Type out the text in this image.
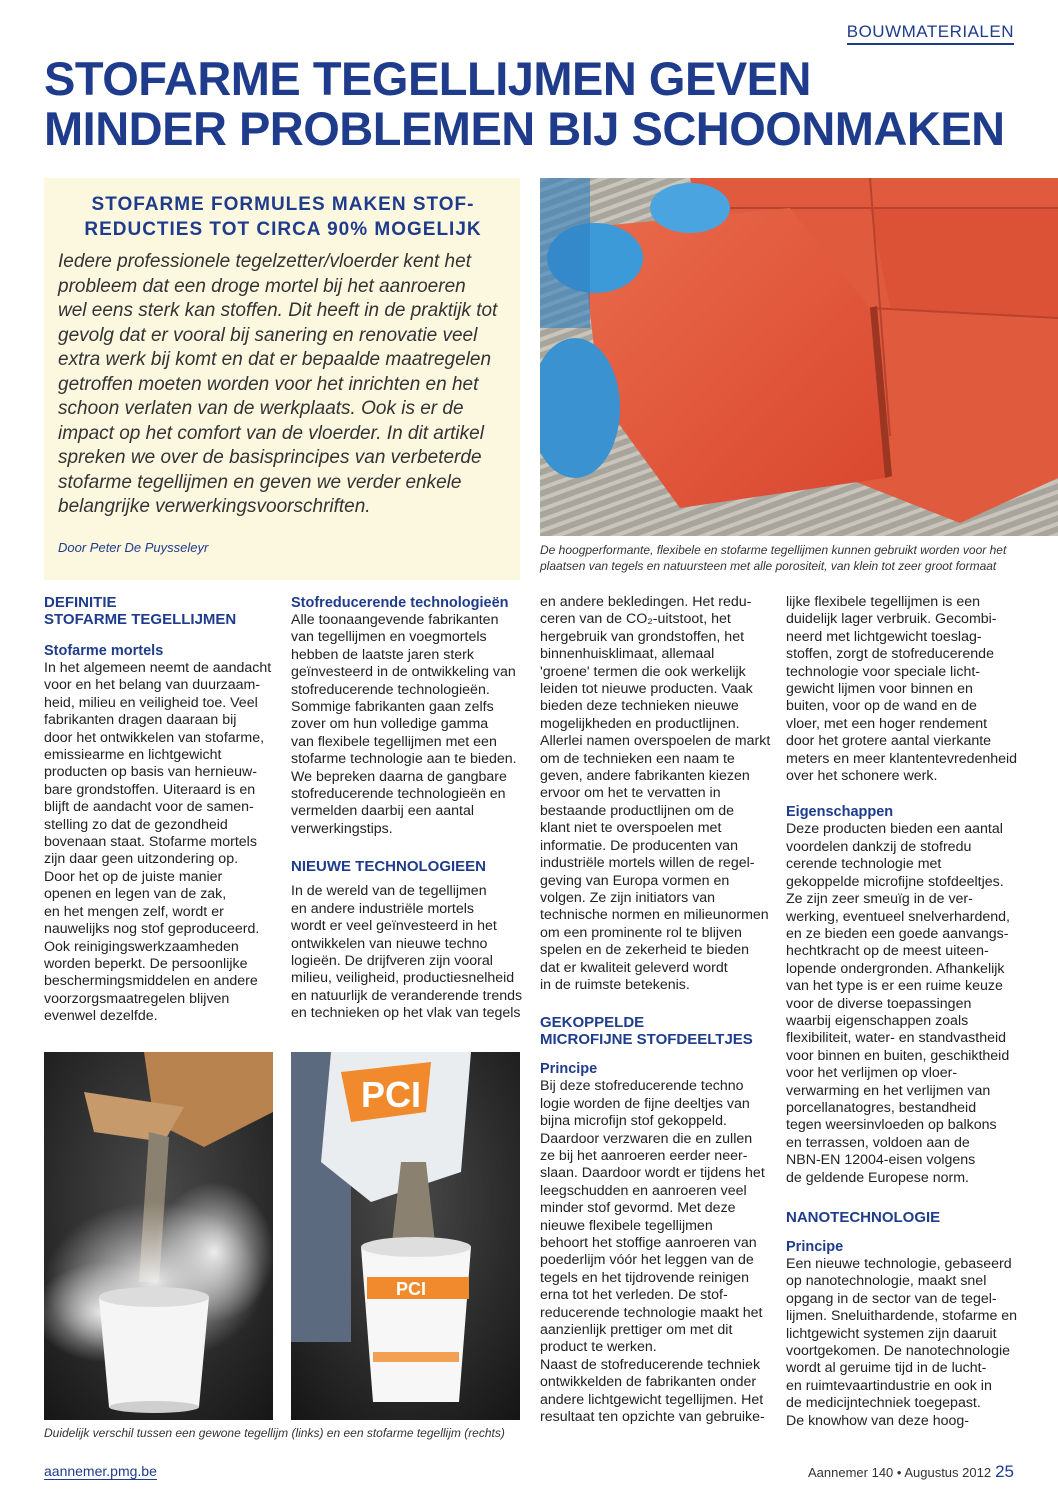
BOUWMATERIALEN
STOFARME TEGELLIJMEN GEVEN
MINDER PROBLEMEN BIJ SCHOONMAKEN
STOFARME FORMULES MAKEN STOF-
REDUCTIES TOT CIRCA 90% MOGELIJK
Iedere professionele tegelzetter/vloerder kent het
probleem dat een droge mortel bij het aanroeren
wel eens sterk kan stoffen. Dit heeft in de praktijk tot
gevolg dat er vooral bij sanering en renovatie veel
extra werk bij komt en dat er bepaalde maatregelen
getroffen moeten worden voor het inrichten en het
schoon verlaten van de werkplaats. Ook is er de
impact op het comfort van de vloerder. In dit artikel
spreken we over de basisprincipes van verbeterde
stofarme tegellijmen en geven we verder enkele
belangrijke verwerkingsvoorschriften.
Door Peter De Puysseleyr	De hoogperformante, flexibele en stofarme tegellijmen kunnen gebruikt worden voor het
plaatsen van tegels en natuursteen met alle porositeit, van klein tot zeer groot formaat
DEFINITIE
STOFARME TEGELLIJMEN
Stofarme mortels
In het algemeen neemt de aandacht
voor en het belang van duurzaam-
heid, milieu en veiligheid toe. Veel
fabrikanten dragen daaraan bij
door het ontwikkelen van stofarme,
emissiearme en lichtgewicht
producten op basis van hernieuw-
bare grondstoffen. Uiteraard is en
blijft de aandacht voor de samen-
stelling zo dat de gezondheid
bovenaan staat. Stofarme mortels
zijn daar geen uitzondering op.
Door het op de juiste manier
openen en legen van de zak,
en het mengen zelf, wordt er
nauwelijks nog stof geproduceerd.
Ook reinigingswerkzaamheden
worden beperkt. De persoonlijke
beschermingsmiddelen en andere
voorzorgsmaatregelen blijven
evenwel dezelfde.
Stofreducerende technologieën
Alle toonaangevende fabrikanten
van tegellijmen en voegmortels
hebben de laatste jaren sterk
geïnvesteerd in de ontwikkeling van
stofreducerende technologieën.
Sommige fabrikanten gaan zelfs
zover om hun volledige gamma
van flexibele tegellijmen met een
stofarme technologie aan te bieden.
We bepreken daarna de gangbare
stofreducerende technologieën en
vermelden daarbij een aantal
verwerkingstips.
NIEUWE TECHNOLOGIEEN
In de wereld van de tegellijmen
en andere industriële mortels
wordt er veel geïnvesteerd in het
ontwikkelen van nieuwe techno
logieën. De drijfveren zijn vooral
milieu, veiligheid, productiesnelheid
en natuurlijk de veranderende trends
en technieken op het vlak van tegels
en andere bekledingen. Het redu-
ceren van de CO₂-uitstoot, het
hergebruik van grondstoffen, het
binnenhuisklimaat, allemaal
'groene' termen die ook werkelijk
leiden tot nieuwe producten. Vaak
bieden deze technieken nieuwe
mogelijkheden en productlijnen.
Allerlei namen overspoelen de markt
om de technieken een naam te
geven, andere fabrikanten kiezen
ervoor om het te vervatten in
bestaande productlijnen om de
klant niet te overspoelen met
informatie. De producenten van
industriële mortels willen de regel-
geving van Europa vormen en
volgen. Ze zijn initiators van
technische normen en milieunormen
om een prominente rol te blijven
spelen en de zekerheid te bieden
dat er kwaliteit geleverd wordt
in de ruimste betekenis.
GEKOPPELDE
MICROFIJNE STOFDEELTJES
Principe
Bij deze stofreducerende techno
logie worden de fijne deeltjes van
bijna microfijn stof gekoppeld.
Daardoor verzwaren die en zullen
ze bij het aanroeren eerder neer-
slaan. Daardoor wordt er tijdens het
leegschudden en aanroeren veel
minder stof gevormd. Met deze
nieuwe flexibele tegellijmen
behoort het stoffige aanroeren van
poederlijm vóór het leggen van de
tegels en het tijdrovende reinigen
erna tot het verleden. De stof-
reducerende technologie maakt het
aanzienlijk prettiger om met dit
product te werken.
Naast de stofreducerende techniek
ontwikkelden de fabrikanten onder
andere lichtgewicht tegellijmen. Het
resultaat ten opzichte van gebruike-
lijke flexibele tegellijmen is een
duidelijk lager verbruik. Gecombi-
neerd met lichtgewicht toeslag-
stoffen, zorgt de stofreducerende
technologie voor speciale licht-
gewicht lijmen voor binnen en
buiten, voor op de wand en de
vloer, met een hoger rendement
door het grotere aantal vierkante
meters en meer klantentevredenheid
over het schonere werk.
Eigenschappen
Deze producten bieden een aantal
voordelen dankzij de stofredu
cerende technologie met
gekoppelde microfijne stofdeeltjes.
Ze zijn zeer smeuïg in de ver-
werking, eventueel snelverhardend,
en ze bieden een goede aanvangs-
hechtkracht op de meest uiteen-
lopende ondergronden. Afhankelijk
van het type is er een ruime keuze
voor de diverse toepassingen
waarbij eigenschappen zoals
flexibiliteit, water- en standvastheid
voor binnen en buiten, geschiktheid
voor het verlijmen op vloer-
verwarming en het verlijmen van
porcellanatogres, bestandheid
tegen weersinvloeden op balkons
en terrassen, voldoen aan de
NBN-EN 12004-eisen volgens
de geldende Europese norm.
NANOTECHNOLOGIE
Principe
Een nieuwe technologie, gebaseerd
op nanotechnologie, maakt snel
opgang in de sector van de tegel-
lijmen. Sneluithardende, stofarme en
lichtgewicht systemen zijn daaruit
voortgekomen. De nanotechnologie
wordt al geruime tijd in de lucht-
en ruimtevaartindustrie en ook in
de medicijntechniek toegepast.
De knowhow van deze hoog-
PCI
PCI
Duidelijk verschil tussen een gewone tegellijm (links) en een stofarme tegellijm (rechts)
aannemer.pmg.be	Aannemer 140 • Augustus 2012 25
